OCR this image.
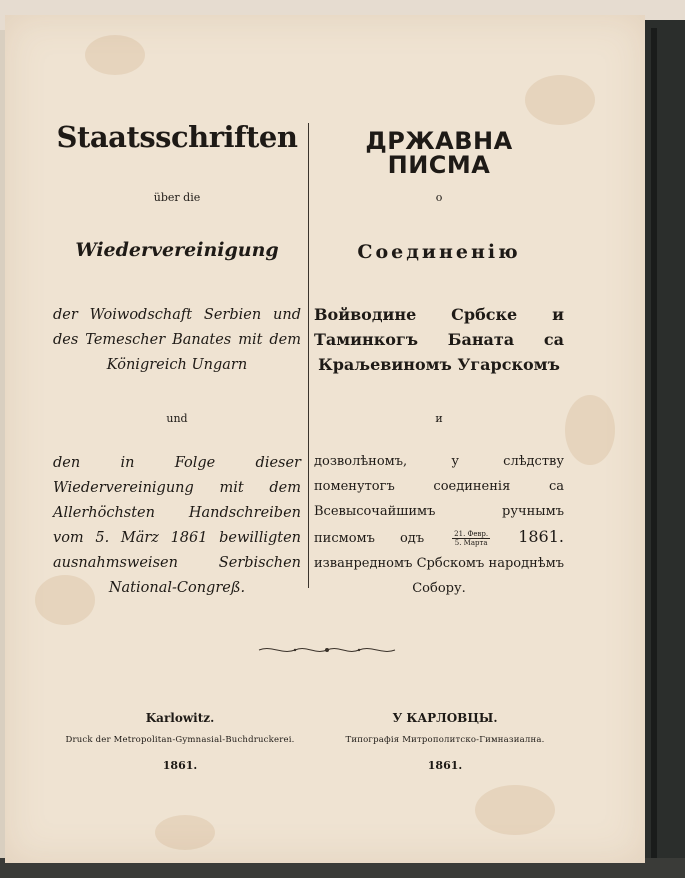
Staatsschriften
über die
Wiedervereinigung
der Woiwodschaft Serbien und des Temescher Banates mit dem Königreich Ungarn
und
den in Folge dieser Wiedervereinigung mit dem Allerhöchsten Handschreiben vom 5. März 1861 bewilligten ausnahmsweisen Serbischen National-Congreß.
ДРЖАВНА ПИСМА
о
Соединенію
Войводине Србске и Таминкогъ Баната са Краљевиномъ Угарскомъ
и
дозволѣномъ, у слѣдству поменутогъ соединенія са Всевысочайшимъ ручнымъ писмомъ одъ	$\frac{\text{21. Февр.}}{\text{5. Марта}} 1861$. изванредномъ Србскомъ народнѣмъ Собору.
Karlowitz.
Druck der Metropolitan-Gymnasial-Buchdruckerei.
1861.
У КАРЛОВЦЫ.
Типографія Митрополитско-Гимназиална.
1861.
